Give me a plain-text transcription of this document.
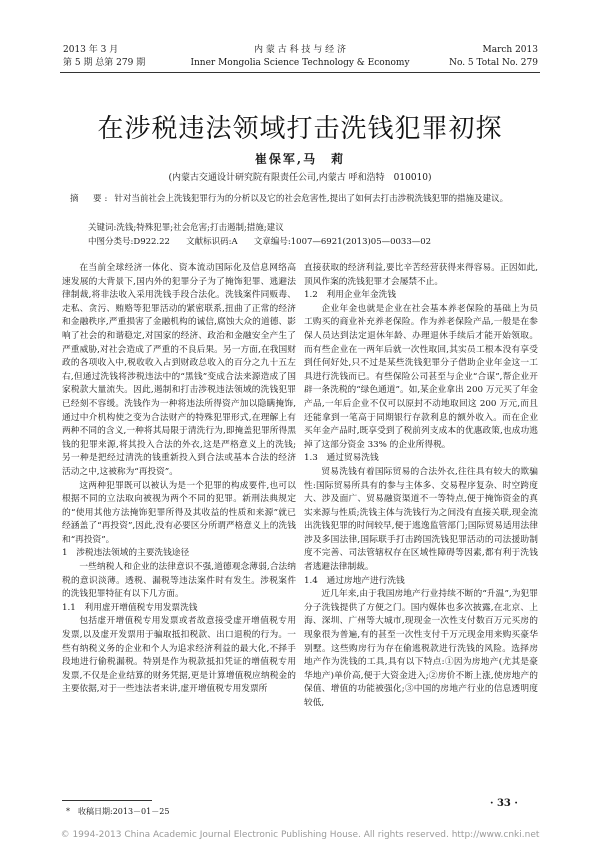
2013 年 3 月
第 5 期 总第 279 期
内 蒙 古 科 技 与 经 济
Inner Mongolia Science Technology & Economy
March 2013
No. 5 Total No. 279
在涉税违法领域打击洗钱犯罪初探
崔保军,马　莉
(内蒙古交通设计研究院有限责任公司,内蒙古 呼和浩特　010010)
摘　要: 针对当前社会上洗钱犯罪行为的分析以及它的社会危害性,提出了如何去打击涉税洗钱犯罪的措施及建议。
关键词:洗钱;特殊犯罪;社会危害;打击遏制;措施;建议
中图分类号:D922.22 文献标识码:A 文章编号:1007—6921(2013)05—0033—02

在当前全球经济一体化、资本流动国际化及信息网络高速发展的大背景下,国内外的犯罪分子为了掩饰犯罪、逃避法律制裁,将非法收入采用洗钱手段合法化。洗钱案件同贩毒、走私、贪污、贿赂等犯罪活动的紧密联系,扭曲了正常的经济和金融秩序,严重损害了金融机构的诚信,腐蚀大众的道德、影响了社会的和谐稳定,对国家的经济、政治和金融安全产生了严重威胁,对社会造成了严重的不良后果。另一方面,在我国财政的各项收入中,税收收入占到财政总收入的百分之九十五左右,但通过洗钱将涉税违法中的“黑钱”变成合法来源造成了国家税款大量流失。因此,遏制和打击涉税违法领域的洗钱犯罪已经刻不容缓。洗钱作为一种将违法所得资产加以隐瞒掩饰,通过中介机构使之变为合法财产的特殊犯罪形式,在理解上有两种不同的含义,一种将其局限于清洗行为,即掩盖犯罪所得黑钱的犯罪来源,将其投入合法的外衣,这是严格意义上的洗钱;另一种是把经过清洗的钱重新投入到合法或基本合法的经济活动之中,这被称为“再投资”。

这两种犯罪既可以被认为是一个犯罪的构成要件,也可以根据不同的立法取向被视为两个不同的犯罪。新刑法典规定的“使用其他方法掩饰犯罪所得及其收益的性质和来源”就已经涵盖了“再投资”,因此,没有必要区分所谓严格意义上的洗钱和“再投资”。

1　涉税违法领域的主要洗钱途径

一些纳税人和企业的法律意识不强,道德观念薄弱,合法纳税的意识淡薄。透税、漏税等违法案件时有发生。涉税案件的洗钱犯罪特征有以下几方面。

1.1　利用虚开增值税专用发票洗钱

包括虚开增值税专用发票或者故意接受虚开增值税专用发票,以及虚开发票用于骗取抵扣税款、出口退税的行为。一些有纳税义务的企业和个人为追求经济利益的最大化,不择手段地进行偷税漏税。特别是作为税款抵扣凭证的增值税专用发票,不仅是企业结算的财务凭据,更是计算增值税应纳税金的主要依据,对于一些违法者来讲,虚开增值税专用发票所

直接获取的经济利益,要比辛苦经营获得来得容易。正因如此,顶风作案的洗钱犯罪才会屡禁不止。

1.2　利用企业年金洗钱

企业年金也就是企业在社会基本养老保险的基础上为员工购买的商业补充养老保险。作为养老保险产品,一般是在参保人员达到法定退休年龄、办理退休手续后才能开始领取。而有些企业在一两年后就一次性取回,其实员工根本没有享受到任何好处,只不过是某些洗钱犯罪分子借助企业年金这一工具进行洗钱而已。有些保险公司甚至与企业“合谋”,帮企业开辟一条洗税的“绿色通道”。如,某企业拿出 200 万元买了年金产品,一年后企业不仅可以原封不动地取回这 200 万元,而且还能拿到一笔高于同期银行存款利息的额外收入。而在企业买年金产品时,既享受到了税前列支成本的优惠政策,也成功逃掉了这部分资金 33% 的企业所得税。

1.3　通过贸易洗钱

贸易洗钱有着国际贸易的合法外衣,往往具有较大的欺骗性:国际贸易所具有的参与主体多、交易程序复杂、时空跨度大、涉及面广、贸易融资渠道不一等特点,便于掩饰资金的真实来源与性质;洗钱主体与洗钱行为之间没有直接关联,现金流出洗钱犯罪的时间较早,便于逃逸监管部门;国际贸易适用法律涉及多国法律,国际联手打击跨国洗钱犯罪活动的司法援助制度不完善、司法管辖权存在区域性障碍等因素,都有利于洗钱者逃避法律制裁。

1.4　通过房地产进行洗钱

近几年来,由于我国房地产行业持续不断的“升温”,为犯罪分子洗钱提供了方便之门。国内媒体也多次披露,在北京、上海、深圳、广州等大城市,现现金一次性支付数百万元买房的现象很为普遍,有的甚至一次性支付千万元现金用来购买豪华别墅。这些购房行为存在偷逃税款进行洗钱的风险。选择房地产作为洗钱的工具,具有以下特点:①因为房地产(尤其是豪华地产)单价高,便于大资金进入;②房价不断上涨,使房地产的保值、增值的功能被强化;③中国的房地产行业的信息透明度较低,

*　收稿日期:2013－01－25
· 33 ·
© 1994-2013 China Academic Journal Electronic Publishing House. All rights reserved. http://www.cnki.net
